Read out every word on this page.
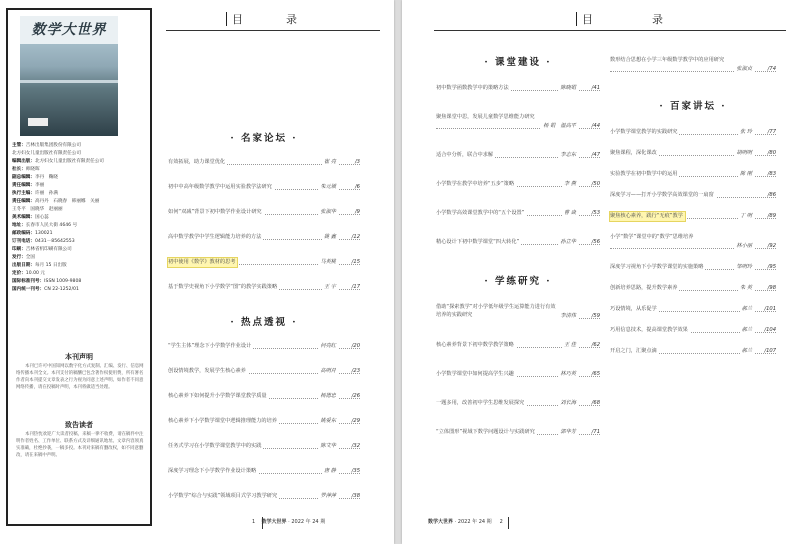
数学大世界
主管：吉林出版集团股份有限公司
北方妇女儿童出版社有限责任公司
编辑出版：北方妇女儿童出版社有限责任公司
社长：师晓晖
副总编辑：李丹　鞠晓
责任编辑：李丽
执行主编：许丽　孙满
责任编辑：高丹丹　石晓春　韩丽娜　关丽
王冬平　国晓华　赵丽丽
美术编辑：国心蕊
地址：长春市人民大街 4646 号
邮政编码：130021
订刊电话：0431－85642553
印刷：吉林省机印刷有限公司
发行：全国
出版日期：每月 15 日出版
定价：10.00 元
国际标准刊号：ISSN 1009-9808
国内统一刊号：CN 22-1252/01
本刊声明
本刊已许可中国知网以数字化方式复制、汇编、发行、信息网络传播本刊全文。本刊支付的稿酬已包含著作权使用费，所有署名作者向本刊提交文章发表之行为视为同意上述声明。如作者不同意网络传播，请在投稿时声明，本刊将做适当处理。
致告读者
本刊热忱欢迎广大读者投稿，来稿一律不收费，请在稿件中注明作者姓名、工作单位、联系方式及详细通讯地址。文章内容须真实准确，杜绝抄袭，一稿多投。本刊对来稿有删改权，如不同意删改，请在来稿中声明。
目	录
· 名家论坛 ·
有效拓展，助力课堂优化	崔 亮	/3
初中中高年级数学教学中运用实验教学法研究	朱元锁	/6
如何“双减”背景下初中数学作业设计研究	张淑华	/9
高中数学教学中学生逻辑能力培养的方法	姚 鑫	/12
初中使用《数学》教材的思考	马英桃	/15
基于数学史视角下小学数学“图”的教学实践策略	王 宇	/17
· 热点透视 ·
“学生主体”理念下小学数学作业设计	何亮红	/20
创设情境教学，发展学生核心素养	高明月	/23
核心素养下如何提升小学数学课堂教学质量	杨德忠	/26
核心素养下小学数学课堂中逻辑推理能力的培养	姚爱东	/29
任务式学习在小学数学课堂教学中的实践	陈文华	/32
深度学习理念下小学数学作业设计策略	唐 静	/35
小学数学“综合与实践”领域项目式学习教学研究	罗萍萍	/38
1 数学大世界 · 2022 年 24 期
目	录
· 课堂建设 ·
初中数学函数教学中的策略方法	陈晓娟	/41
聚焦课堂中思，发展儿童数学思维能力研究
杨 娟　温高平	/44
适合中分析，联合中求解	李志东	/47
小学数学在教学中培养“五步”策略	李 燕	/50
小学数学高效课堂教学中的“五个设置”	曹 焱	/53
精心设计下初中数学课堂“四大转化”	孙立华	/56
· 学练研究 ·
借助“探索教学”对小学低年级学生运算能力进行有效培养的实践研究	李清伟	/59
核心素养背景下初中数学教学策略	王 佳	/62
小学数学课堂中如何提高学生兴趣	林巧英	/65
一题多用，改善初中学生思维发展探究	刘长海	/68
“立体图形”视域下数学问题设计与实践研究	郭华芳	/71
数形结合思想在小学三年级数学教学中的应用研究
张淑贞	/74
· 百家讲坛 ·
小学数学课堂教学的实践研究	张 玲	/77
聚焦课程，深化课改	胡明明	/80
实验教学在初中数学中的运用	陈 刚	/83
深度学习——打开小学数学高效课堂的一扇窗	/86
聚焦核心素养，践行“无痕”教学	丁 明	/89
小学“数学”课堂中的“数学”思维培养
林小丽	/92
深度学习视角下小学数学课堂的实施策略	邹明玲	/95
创新培养思路，提升数学素养	朱 英	/98
巧设情境，从乐促学	郝兰	/101
巧用信息技术，提高课堂教学效果	郝兰	/104
开启之门，汇聚点滴	郝兰	/107
数学大世界 · 2022 年 24 期 2
